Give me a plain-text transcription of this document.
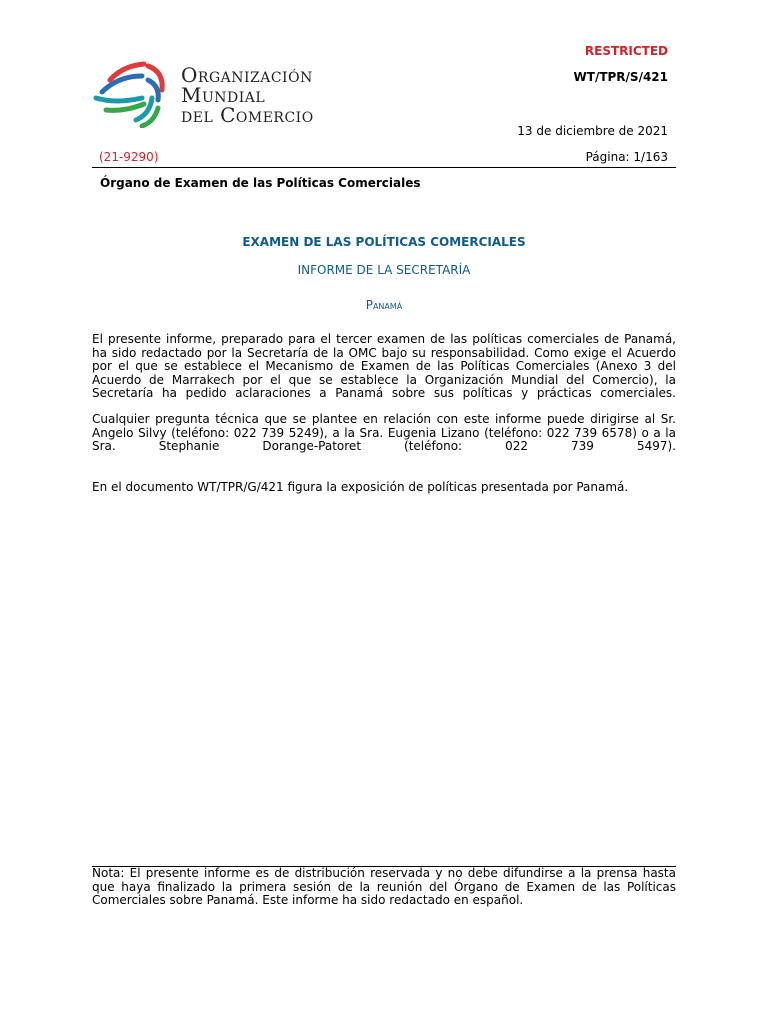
Organización
Mundial
del Comercio
RESTRICTED
WT/TPR/S/421
13 de diciembre de 2021
(21-9290)	Página: 1/163
Órgano de Examen de las Políticas Comerciales
EXAMEN DE LAS POLÍTICAS COMERCIALES
INFORME DE LA SECRETARÍA
Panamá
El presente informe, preparado para el tercer examen de las políticas comerciales de Panamá, ha sido redactado por la Secretaría de la OMC bajo su responsabilidad. Como exige el Acuerdo por el que se establece el Mecanismo de Examen de las Políticas Comerciales (Anexo 3 del Acuerdo de Marrakech por el que se establece la Organización Mundial del Comercio), la Secretaría ha pedido aclaraciones a Panamá sobre sus políticas y prácticas comerciales.
Cualquier pregunta técnica que se plantee en relación con este informe puede dirigirse al Sr. Angelo Silvy (teléfono: 022 739 5249), a la Sra. Eugenia Lizano (teléfono: 022 739 6578) o a la Sra. Stephanie Dorange-Patoret (teléfono: 022 739 5497).
En el documento WT/TPR/G/421 figura la exposición de políticas presentada por Panamá.
Nota: El presente informe es de distribución reservada y no debe difundirse a la prensa hasta que haya finalizado la primera sesión de la reunión del Órgano de Examen de las Políticas Comerciales sobre Panamá. Este informe ha sido redactado en español.
